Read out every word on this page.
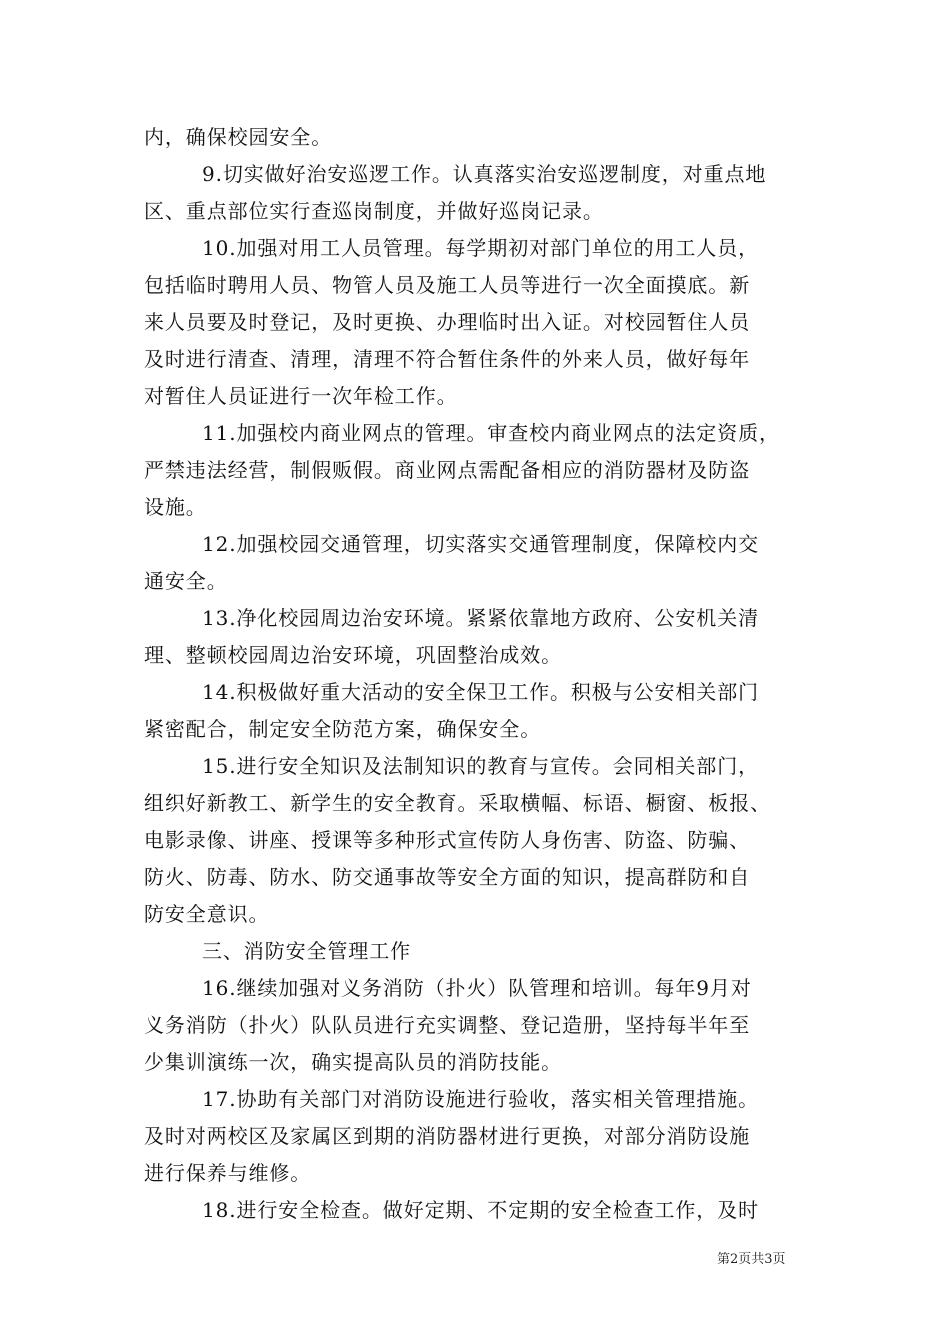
内，确保校园安全。
9.切实做好治安巡逻工作。认真落实治安巡逻制度，对重点地
区、重点部位实行查巡岗制度，并做好巡岗记录。
10.加强对用工人员管理。每学期初对部门单位的用工人员，
包括临时聘用人员、物管人员及施工人员等进行一次全面摸底。新
来人员要及时登记，及时更换、办理临时出入证。对校园暂住人员
及时进行清查、清理，清理不符合暂住条件的外来人员，做好每年
对暂住人员证进行一次年检工作。
11.加强校内商业网点的管理。审查校内商业网点的法定资质，
严禁违法经营，制假贩假。商业网点需配备相应的消防器材及防盗
设施。
12.加强校园交通管理，切实落实交通管理制度，保障校内交
通安全。
13.净化校园周边治安环境。紧紧依靠地方政府、公安机关清
理、整顿校园周边治安环境，巩固整治成效。
14.积极做好重大活动的安全保卫工作。积极与公安相关部门
紧密配合，制定安全防范方案，确保安全。
15.进行安全知识及法制知识的教育与宣传。会同相关部门，
组织好新教工、新学生的安全教育。采取横幅、标语、橱窗、板报、
电影录像、讲座、授课等多种形式宣传防人身伤害、防盗、防骗、
防火、防毒、防水、防交通事故等安全方面的知识，提高群防和自
防安全意识。
三、消防安全管理工作
16.继续加强对义务消防（扑火）队管理和培训。每年9月对
义务消防（扑火）队队员进行充实调整、登记造册，坚持每半年至
少集训演练一次，确实提高队员的消防技能。
17.协助有关部门对消防设施进行验收，落实相关管理措施。
及时对两校区及家属区到期的消防器材进行更换，对部分消防设施
进行保养与维修。
18.进行安全检查。做好定期、不定期的安全检查工作，及时
第2页共3页
